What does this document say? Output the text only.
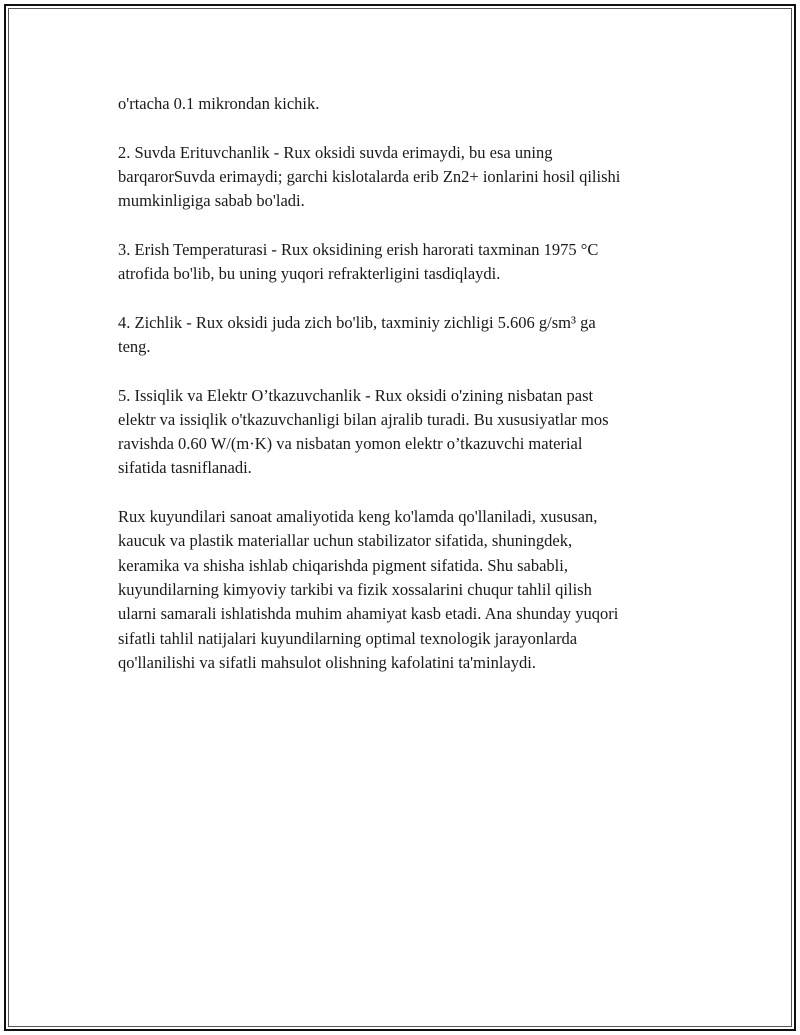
o'rtacha 0.1 mikrondan kichik.

2. Suvda Erituvchanlik - Rux oksidi suvda erimaydi, bu esa uning
barqarorSuvda erimaydi; garchi kislotalarda erib Zn2+ ionlarini hosil qilishi
mumkinligiga sabab bo'ladi.

3. Erish Temperaturasi - Rux oksidining erish harorati taxminan 1975 °C
atrofida bo'lib, bu uning yuqori refrakterligini tasdiqlaydi.

4. Zichlik - Rux oksidi juda zich bo'lib, taxminiy zichligi 5.606 g/sm³ ga
teng.

5. Issiqlik va Elektr O’tkazuvchanlik - Rux oksidi o'zining nisbatan past
elektr va issiqlik o'tkazuvchanligi bilan ajralib turadi. Bu xususiyatlar mos
ravishda 0.60 W/(m·K) va nisbatan yomon elektr o’tkazuvchi material
sifatida tasniflanadi.

Rux kuyundilari sanoat amaliyotida keng ko'lamda qo'llaniladi, xususan,
kaucuk va plastik materiallar uchun stabilizator sifatida, shuningdek,
keramika va shisha ishlab chiqarishda pigment sifatida. Shu sababli,
kuyundilarning kimyoviy tarkibi va fizik xossalarini chuqur tahlil qilish
ularni samarali ishlatishda muhim ahamiyat kasb etadi. Ana shunday yuqori
sifatli tahlil natijalari kuyundilarning optimal texnologik jarayonlarda
qo'llanilishi va sifatli mahsulot olishning kafolatini ta'minlaydi.
